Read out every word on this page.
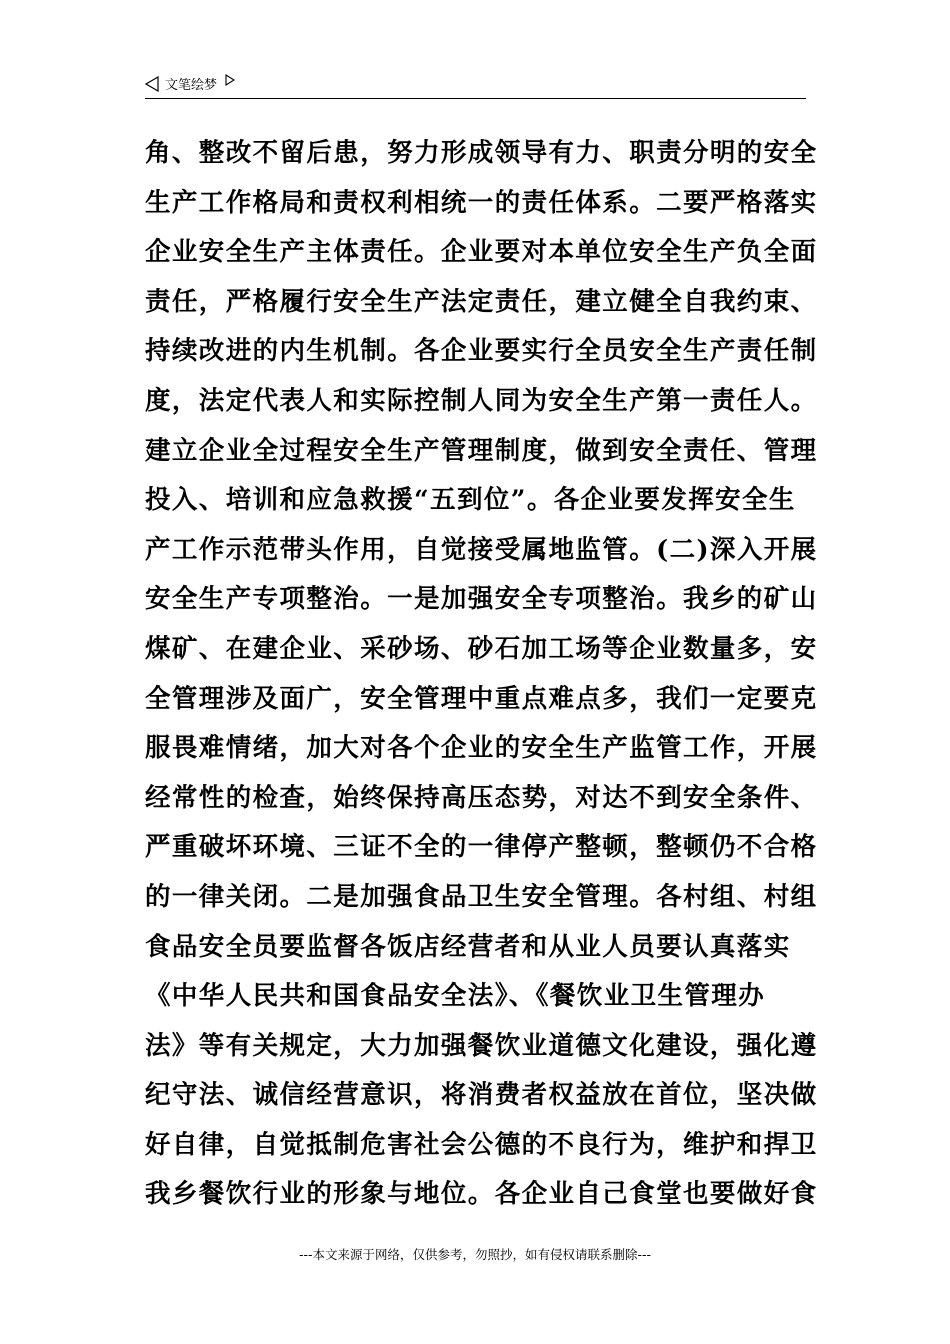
文笔绘梦
角、整改不留后患，努力形成领导有力、职责分明的安全
生产工作格局和责权利相统一的责任体系。二要严格落实
企业安全生产主体责任。企业要对本单位安全生产负全面
责任，严格履行安全生产法定责任，建立健全自我约束、
持续改进的内生机制。各企业要实行全员安全生产责任制
度，法定代表人和实际控制人同为安全生产第一责任人。
建立企业全过程安全生产管理制度，做到安全责任、管理
投入、培训和应急救援“五到位”。各企业要发挥安全生
产工作示范带头作用，自觉接受属地监管。(二)深入开展
安全生产专项整治。一是加强安全专项整治。我乡的矿山
煤矿、在建企业、采砂场、砂石加工场等企业数量多，安
全管理涉及面广，安全管理中重点难点多，我们一定要克
服畏难情绪，加大对各个企业的安全生产监管工作，开展
经常性的检查，始终保持高压态势，对达不到安全条件、
严重破坏环境、三证不全的一律停产整顿，整顿仍不合格
的一律关闭。二是加强食品卫生安全管理。各村组、村组
食品安全员要监督各饭店经营者和从业人员要认真落实
《中华人民共和国食品安全法》、《餐饮业卫生管理办
法》等有关规定，大力加强餐饮业道德文化建设，强化遵
纪守法、诚信经营意识，将消费者权益放在首位，坚决做
好自律，自觉抵制危害社会公德的不良行为，维护和捍卫
我乡餐饮行业的形象与地位。各企业自己食堂也要做好食
---本文来源于网络，仅供参考，勿照抄，如有侵权请联系删除---
